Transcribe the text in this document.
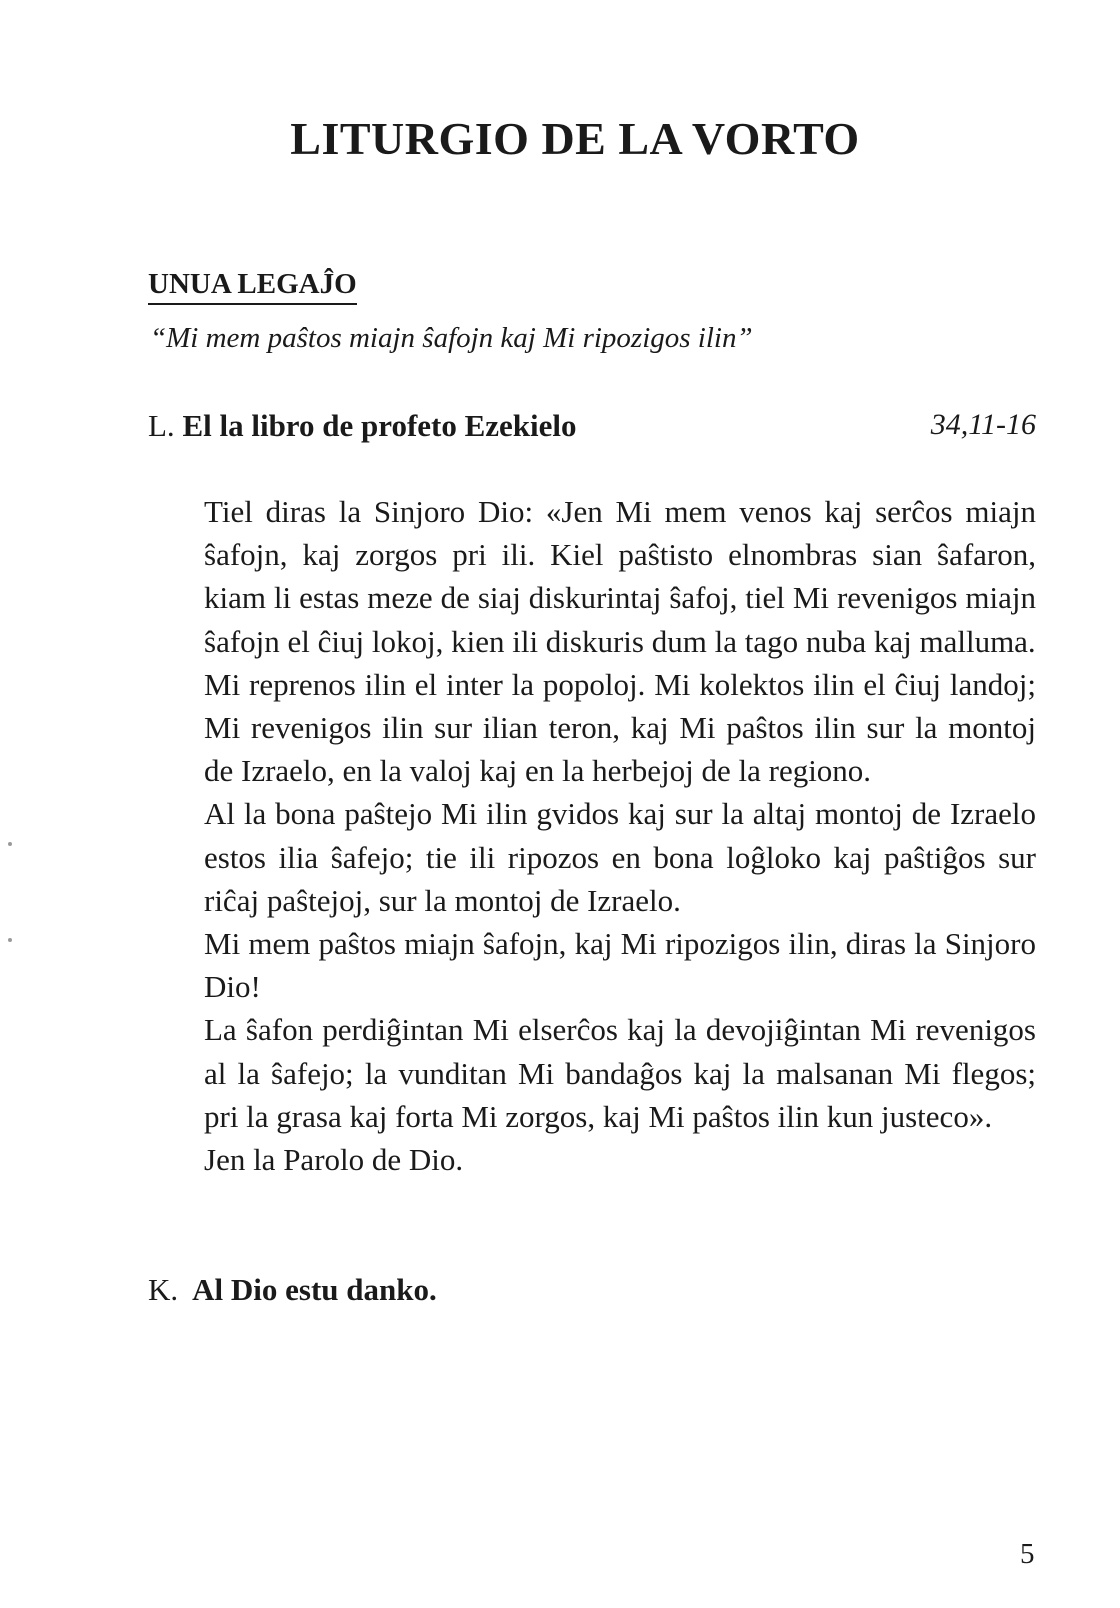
LITURGIO DE LA VORTO
UNUA LEGAĴO
“Mi mem paŝtos miajn ŝafojn kaj Mi ripozigos ilin”
L. El la libro de profeto Ezekielo	34,11-16

Tiel diras la Sinjoro Dio: «Jen Mi mem venos kaj serĉos miajn ŝafojn, kaj zorgos pri ili. Kiel paŝtisto elnombras sian ŝafaron, kiam li estas meze de siaj diskurintaj ŝafoj, tiel Mi revenigos miajn ŝafojn el ĉiuj lokoj, kien ili diskuris dum la tago nuba kaj malluma.

Mi reprenos ilin el inter la popoloj. Mi kolektos ilin el ĉiuj landoj; Mi revenigos ilin sur ilian teron, kaj Mi paŝtos ilin sur la montoj de Izraelo, en la valoj kaj en la herbejoj de la regiono.

Al la bona paŝtejo Mi ilin gvidos kaj sur la altaj montoj de Izraelo estos ilia ŝafejo; tie ili ripozos en bona loĝloko kaj paŝtiĝos sur riĉaj paŝtejoj, sur la montoj de Izraelo.

Mi mem paŝtos miajn ŝafojn, kaj Mi ripozigos ilin, diras la Sinjoro Dio!

La ŝafon perdiĝintan Mi elserĉos kaj la devojiĝintan Mi revenigos al la ŝafejo; la vunditan Mi bandaĝos kaj la malsanan Mi flegos; pri la grasa kaj forta Mi zorgos, kaj Mi paŝtos ilin kun justeco».

Jen la Parolo de Dio.

K. Al Dio estu danko.
5
